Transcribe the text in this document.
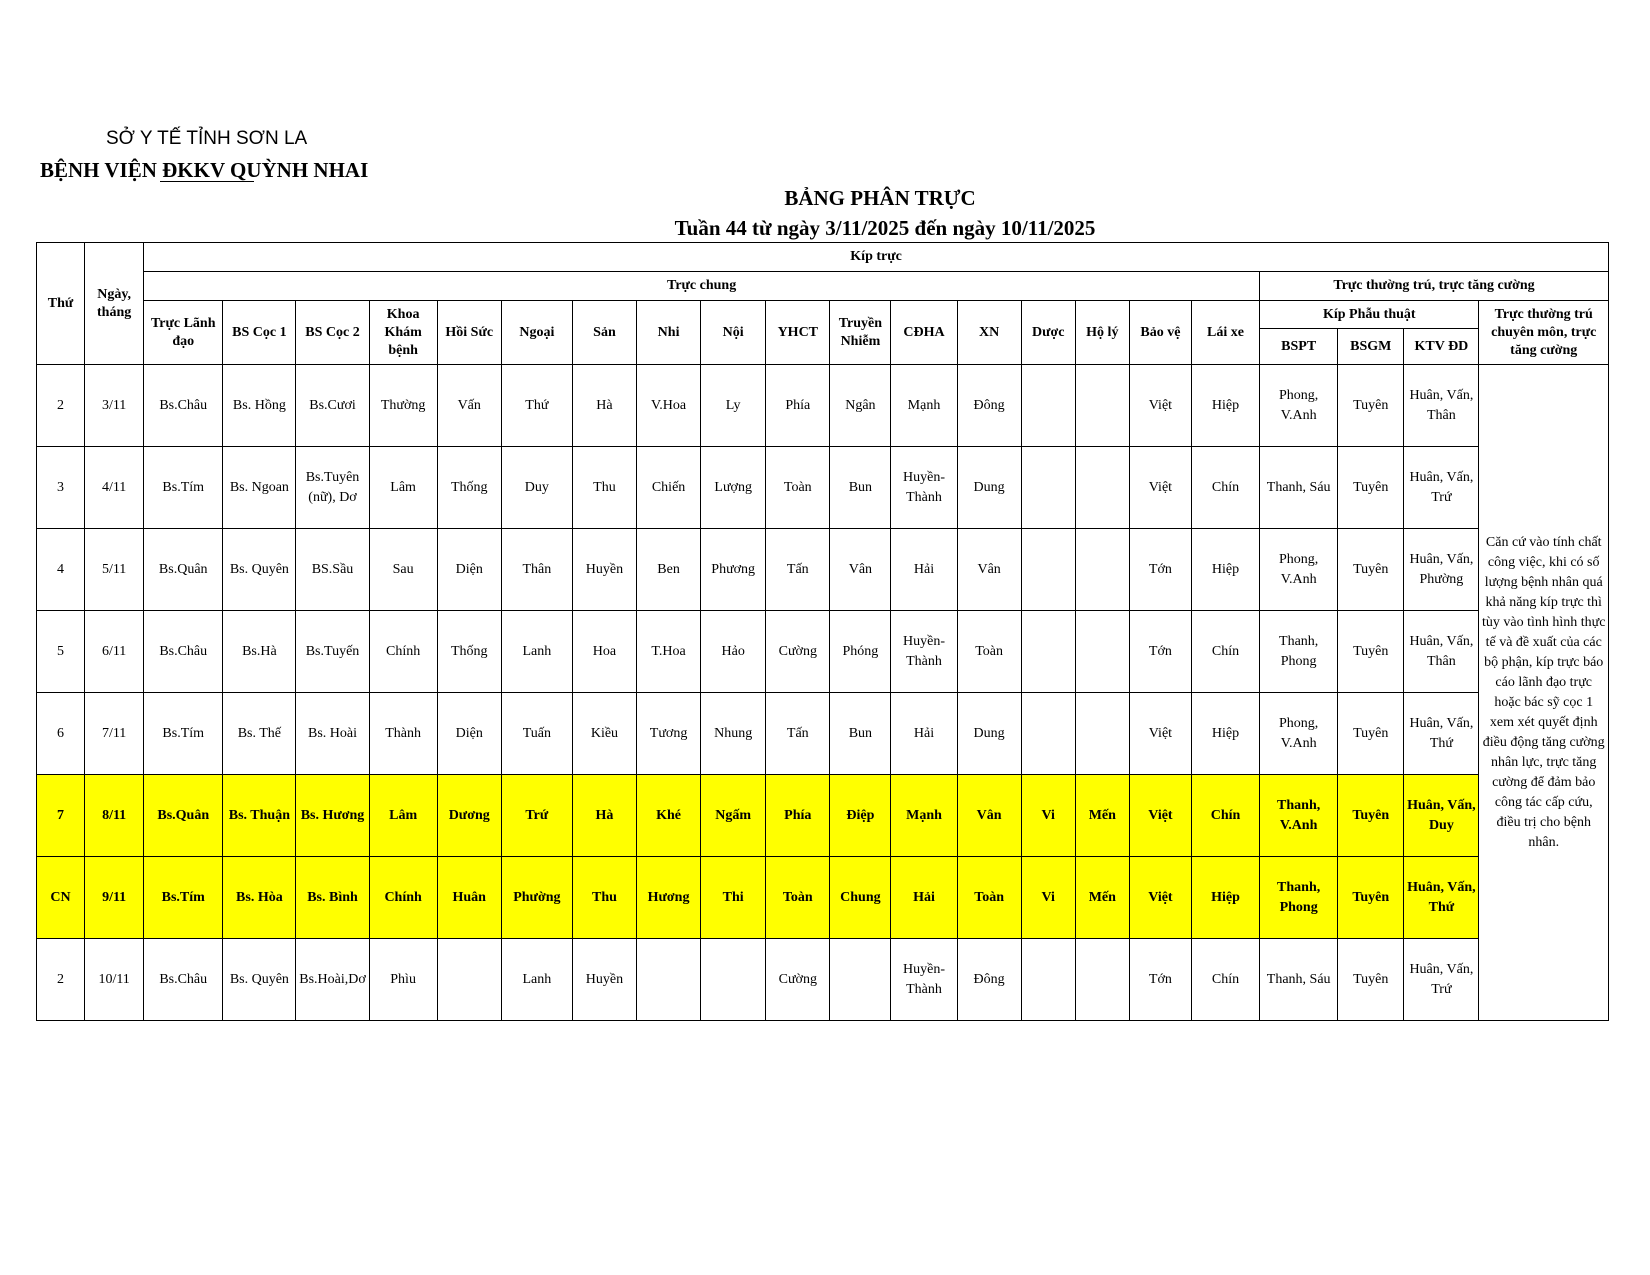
SỞ Y TẾ TỈNH SƠN LA
BỆNH VIỆN ĐKKV QUỲNH NHAI
BẢNG PHÂN TRỰC
Tuần 44 từ ngày 3/11/2025 đến ngày 10/11/2025
Thứ	Ngày, tháng	Kíp trực																				
		Trực chung																	Trực thường trú, trực tăng cường			
		Trực Lãnh đạo	BS Cọc 1	BS Cọc 2	Khoa Khám bệnh	Hồi Sức	Ngoại	Sản	Nhi	Nội	YHCT	Truyền Nhiễm	CĐHA	XN	Dược	Hộ lý	Bảo vệ	Lái xe	Kíp Phẫu thuật			Trực thường trú chuyên môn, trực tăng cường
																			BSPT	BSGM	KTV ĐD	
2	3/11	Bs.Châu	Bs. Hồng	Bs.Cươi	Thường	Vấn	Thứ	Hà	V.Hoa	Ly	Phía	Ngân	Mạnh	Đông			Việt	Hiệp	Phong, V.Anh	Tuyên	Huân, Vấn, Thân	Căn cứ vào tính chất công việc, khi có số lượng bệnh nhân quá khả năng kíp trực thì tùy vào tình hình thực tế và đề xuất của các bộ phận, kíp trực báo cáo lãnh đạo trực hoặc bác sỹ cọc 1 xem xét quyết định điều động tăng cường nhân lực, trực tăng cường để đảm bảo công tác cấp cứu, điều trị cho bệnh nhân.
3	4/11	Bs.Tím	Bs. Ngoan	Bs.Tuyên (nữ), Dơ	Lâm	Thống	Duy	Thu	Chiến	Lượng	Toàn	Bun	Huyền-Thành	Dung			Việt	Chín	Thanh, Sáu	Tuyên	Huân, Vấn, Trứ	
4	5/11	Bs.Quân	Bs. Quyên	BS.Sầu	Sau	Diện	Thân	Huyền	Ben	Phương	Tấn	Vân	Hải	Vân			Tớn	Hiệp	Phong, V.Anh	Tuyên	Huân, Vấn, Phường	
5	6/11	Bs.Châu	Bs.Hà	Bs.Tuyến	Chính	Thống	Lanh	Hoa	T.Hoa	Hảo	Cường	Phóng	Huyền-Thành	Toàn			Tớn	Chín	Thanh, Phong	Tuyên	Huân, Vấn, Thân	
6	7/11	Bs.Tím	Bs. Thế	Bs. Hoài	Thành	Diện	Tuấn	Kiều	Tương	Nhung	Tấn	Bun	Hải	Dung			Việt	Hiệp	Phong, V.Anh	Tuyên	Huân, Vấn, Thứ	
7	8/11	Bs.Quân	Bs. Thuận	Bs. Hương	Lâm	Dương	Trứ	Hà	Khé	Ngấm	Phía	Điệp	Mạnh	Vân	Vi	Mến	Việt	Chín	Thanh, V.Anh	Tuyên	Huân, Vấn, Duy	
CN	9/11	Bs.Tím	Bs. Hòa	Bs. Bình	Chính	Huân	Phường	Thu	Hương	Thi	Toàn	Chung	Hải	Toàn	Vi	Mến	Việt	Hiệp	Thanh, Phong	Tuyên	Huân, Vấn, Thứ	
2	10/11	Bs.Châu	Bs. Quyên	Bs.Hoài,Dơ	Phìu		Lanh	Huyền			Cường		Huyền-Thành	Đông			Tớn	Chín	Thanh, Sáu	Tuyên	Huân, Vấn, Trứ	
